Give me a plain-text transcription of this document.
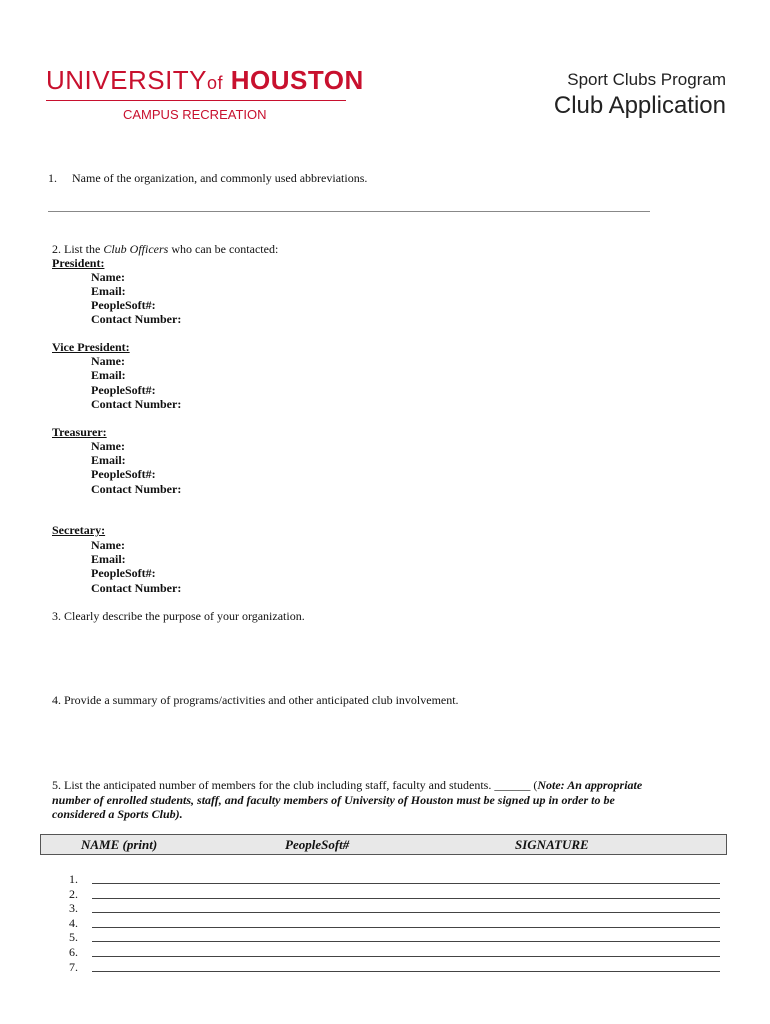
UNIVERSITYof HOUSTON
CAMPUS RECREATION
Sport Clubs Program
Club Application
1. Name of the organization, and commonly used abbreviations.
2. List the Club Officers who can be contacted:
President:
Name:
Email:
PeopleSoft#:
Contact Number:
Vice President:
Name:
Email:
PeopleSoft#:
Contact Number:
Treasurer:
Name:
Email:
PeopleSoft#:
Contact Number:
Secretary:
Name:
Email:
PeopleSoft#:
Contact Number:
3. Clearly describe the purpose of your organization.
4. Provide a summary of programs/activities and other anticipated club involvement.
5. List the anticipated number of members for the club including staff, faculty and students. ______ (Note: An appropriate
number of enrolled students, staff, and faculty members of University of Houston must be signed up in order to be
considered a Sports Club).
NAME (print)	PeopleSoft#	SIGNATURE
1.
2.
3.
4.
5.
6.
7.
